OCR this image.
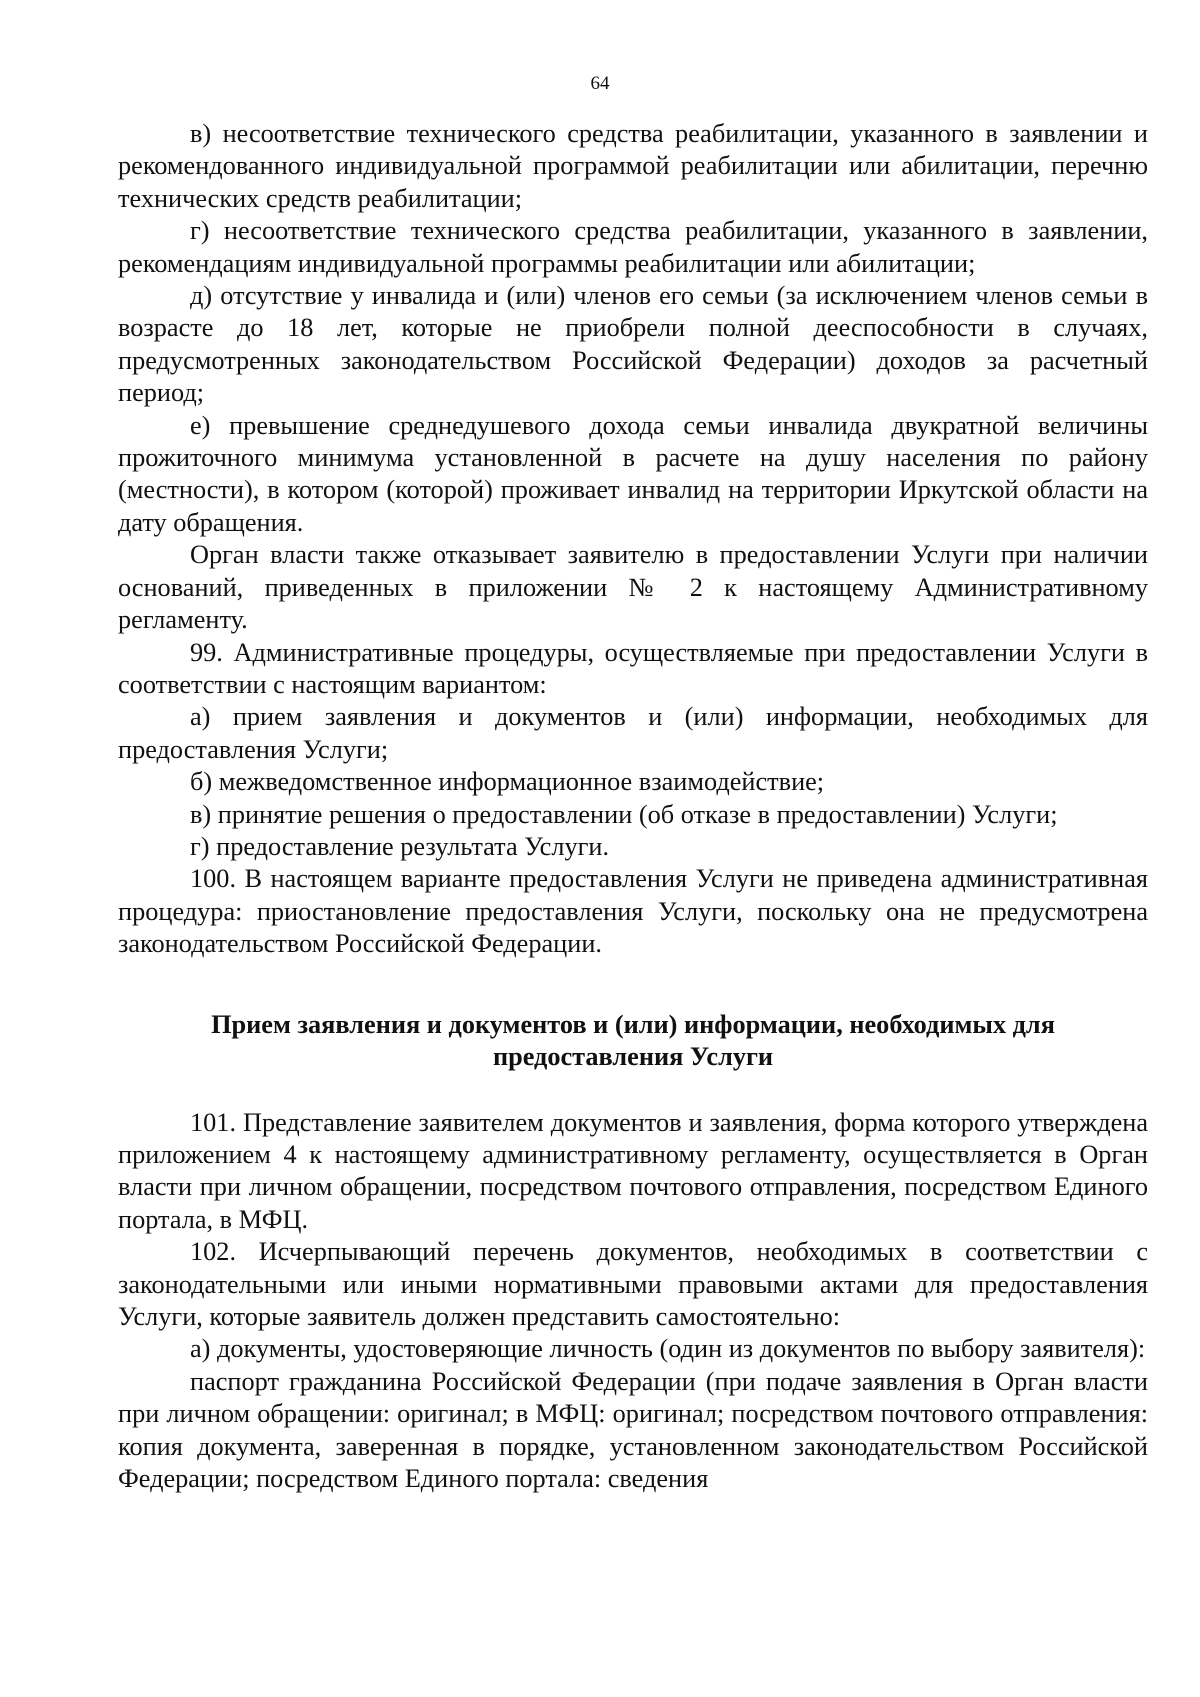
64

в) несоответствие технического средства реабилитации, указанного в заявлении и рекомендованного индивидуальной программой реабилитации или абилитации, перечню технических средств реабилитации;

г) несоответствие технического средства реабилитации, указанного в заявлении, рекомендациям индивидуальной программы реабилитации или абилитации;

д) отсутствие у инвалида и (или) членов его семьи (за исключением членов семьи в возрасте до 18 лет, которые не приобрели полной дееспособности в случаях, предусмотренных законодательством Российской Федерации) доходов за расчетный период;

е) превышение среднедушевого дохода семьи инвалида двукратной величины прожиточного минимума установленной в расчете на душу населения по району (местности), в котором (которой) проживает инвалид на территории Иркутской области на дату обращения.

Орган власти также отказывает заявителю в предоставлении Услуги при наличии оснований, приведенных в приложении № 2 к настоящему Административному регламенту.

99. Административные процедуры, осуществляемые при предоставлении Услуги в соответствии с настоящим вариантом:

а) прием заявления и документов и (или) информации, необходимых для предоставления Услуги;

б) межведомственное информационное взаимодействие;

в) принятие решения о предоставлении (об отказе в предоставлении) Услуги;

г) предоставление результата Услуги.

100. В настоящем варианте предоставления Услуги не приведена административная процедура: приостановление предоставления Услуги, поскольку она не предусмотрена законодательством Российской Федерации.

Прием заявления и документов и (или) информации, необходимых для
предоставления Услуги

101. Представление заявителем документов и заявления, форма которого утверждена приложением 4 к настоящему административному регламенту, осуществляется в Орган власти при личном обращении, посредством почтового отправления, посредством Единого портала, в МФЦ.

102. Исчерпывающий перечень документов, необходимых в соответствии с законодательными или иными нормативными правовыми актами для предоставления Услуги, которые заявитель должен представить самостоятельно:

а) документы, удостоверяющие личность (один из документов по выбору заявителя):

паспорт гражданина Российской Федерации (при подаче заявления в Орган власти при личном обращении: оригинал; в МФЦ: оригинал; посредством почтового отправления: копия документа, заверенная в порядке, установленном законодательством Российской Федерации; посредством Единого портала: сведения
